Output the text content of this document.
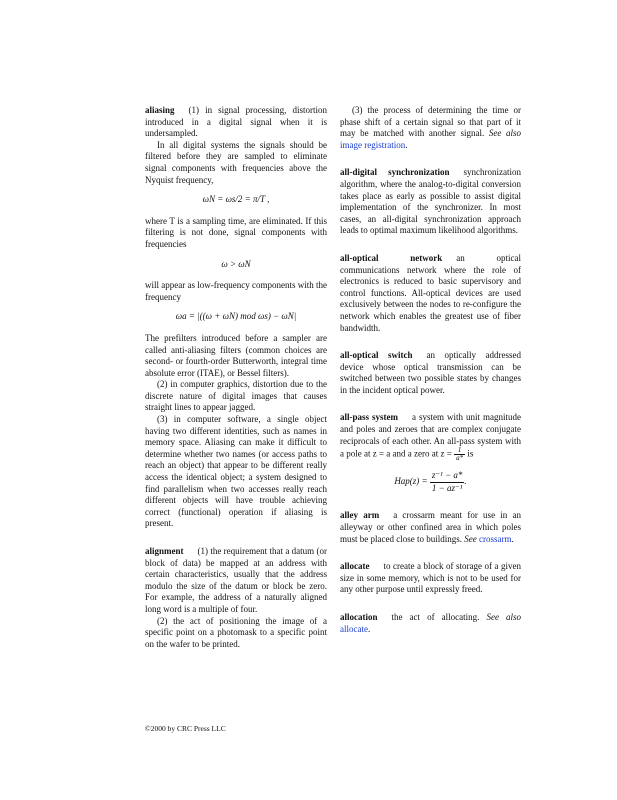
aliasing (1) in signal processing, distortion introduced in a digital signal when it is undersampled.

In all digital systems the signals should be filtered before they are sampled to eliminate signal components with frequencies above the Nyquist frequency,

ωN = ωs/2 = π/T ,

where T is a sampling time, are eliminated. If this filtering is not done, signal components with frequencies

ω > ωN

will appear as low-frequency components with the frequency

ωa = |((ω + ωN) mod ωs) − ωN|

The prefilters introduced before a sampler are called anti-aliasing filters (common choices are second- or fourth-order Butterworth, integral time absolute error (ITAE), or Bessel filters).

(2) in computer graphics, distortion due to the discrete nature of digital images that causes straight lines to appear jagged.

(3) in computer software, a single object having two different identities, such as names in memory space. Aliasing can make it difficult to determine whether two names (or access paths to reach an object) that appear to be different really access the identical object; a system designed to find parallelism when two accesses really reach different objects will have trouble achieving correct (functional) operation if aliasing is present.

alignment (1) the requirement that a datum (or block of data) be mapped at an address with certain characteristics, usually that the address modulo the size of the datum or block be zero. For example, the address of a naturally aligned long word is a multiple of four.

(2) the act of positioning the image of a specific point on a photomask to a specific point on the wafer to be printed.

(3) the process of determining the time or phase shift of a certain signal so that part of it may be matched with another signal. See also image registration.

all-digital synchronization synchronization algorithm, where the analog-to-digital conversion takes place as early as possible to assist digital implementation of the synchronizer. In most cases, an all-digital synchronization approach leads to optimal maximum likelihood algorithms.

all-optical network an optical communications network where the role of electronics is reduced to basic supervisory and control functions. All-optical devices are used exclusively between the nodes to re-configure the network which enables the greatest use of fiber bandwidth.

all-optical switch an optically addressed device whose optical transmission can be switched between two possible states by changes in the incident optical power.

all-pass system a system with unit magnitude and poles and zeroes that are complex conjugate reciprocals of each other. An all-pass system with a pole at z = a and a zero at $z = \frac{1}{a*}$ is

$Hap(z) = \frac{\text{z⁻¹ − a*}}{\text{1 − az⁻¹}}$ .

alley arm a crossarm meant for use in an alleyway or other confined area in which poles must be placed close to buildings. See crossarm.

allocate to create a block of storage of a given size in some memory, which is not to be used for any other purpose until expressly freed.

allocation the act of allocating. See also allocate.

©2000 by CRC Press LLC
